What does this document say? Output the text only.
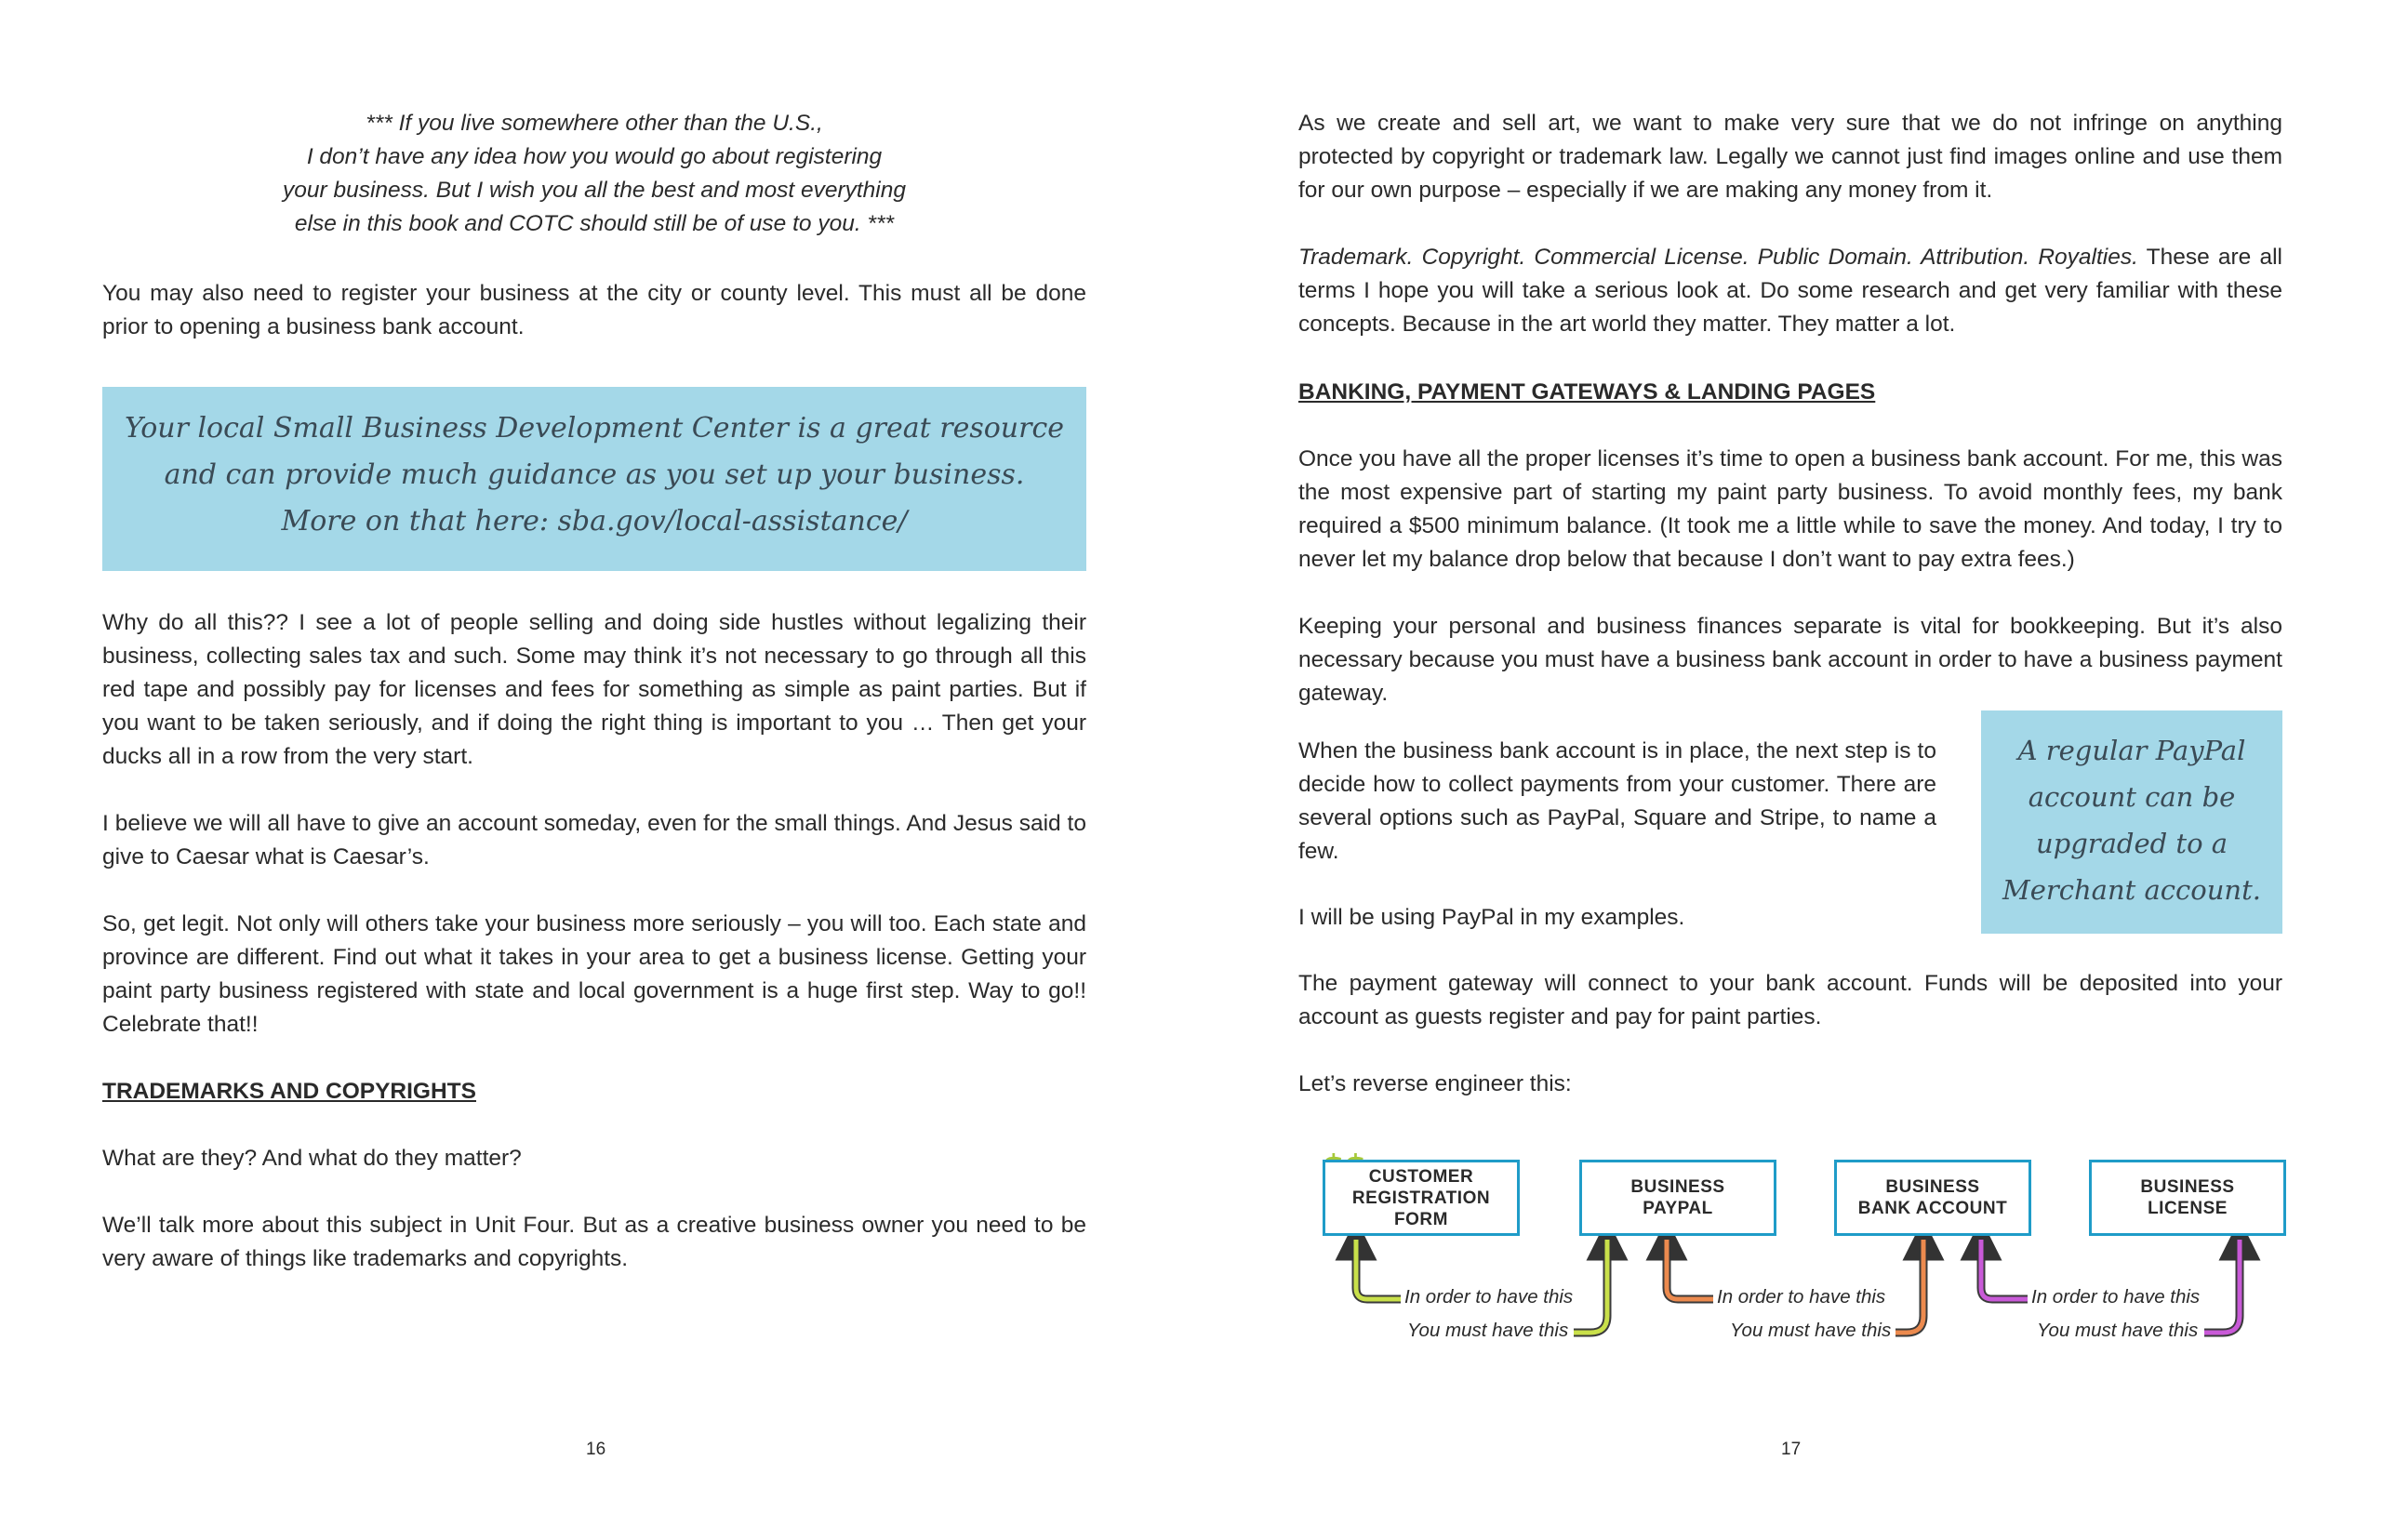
*** If you live somewhere other than the U.S.,

I don’t have any idea how you would go about registering

your business. But I wish you all the best and most everything

else in this book and COTC should still be of use to you. ***

You may also need to register your business at the city or county level. This must all be done prior to opening a business bank account.

Your local Small Business Development Center is a great resource
and can provide much guidance as you set up your business.
More on that here: sba.gov/local-assistance/

Why do all this?? I see a lot of people selling and doing side hustles without legalizing their business, collecting sales tax and such. Some may think it’s not necessary to go through all this red tape and possibly pay for licenses and fees for something as simple as paint parties. But if you want to be taken seriously, and if doing the right thing is important to you … Then get your ducks all in a row from the very start.

I believe we will all have to give an account someday, even for the small things. And Jesus said to give to Caesar what is Caesar’s.

So, get legit. Not only will others take your business more seriously – you will too. Each state and province are different. Find out what it takes in your area to get a business license. Getting your paint party business registered with state and local government is a huge first step. Way to go!! Celebrate that!!

TRADEMARKS AND COPYRIGHTS

What are they? And what do they matter?

We’ll talk more about this subject in Unit Four. But as a creative business owner you need to be very aware of things like trademarks and copyrights.

16

As we create and sell art, we want to make very sure that we do not infringe on anything protected by copyright or trademark law. Legally we cannot just find images online and use them for our own purpose – especially if we are making any money from it.

Trademark. Copyright. Commercial License. Public Domain. Attribution. Royalties. These are all terms I hope you will take a serious look at. Do some research and get very familiar with these concepts. Because in the art world they matter. They matter a lot.

BANKING, PAYMENT GATEWAYS & LANDING PAGES

Once you have all the proper licenses it’s time to open a business bank account. For me, this was the most expensive part of starting my paint party business. To avoid monthly fees, my bank required a $500 minimum balance. (It took me a little while to save the money. And today, I try to never let my balance drop below that because I don’t want to pay extra fees.)

Keeping your personal and business finances separate is vital for bookkeeping. But it’s also necessary because you must have a business bank account in order to have a business payment gateway.

When the business bank account is in place, the next step is to decide how to collect payments from your customer. There are several options such as PayPal, Square and Stripe, to name a few.

A regular PayPal
account can be
upgraded to a
Merchant account.

I will be using PayPal in my examples.

The payment gateway will connect to your bank account. Funds will be deposited into your account as guests register and pay for paint parties.

Let’s reverse engineer this:

CUSTOMER
REGISTRATION
FORM
BUSINESS
PAYPAL
BUSINESS
BANK ACCOUNT
BUSINESS
LICENSE
In order to have this
You must have this
In order to have this
You must have this
In order to have this
You must have this
17
